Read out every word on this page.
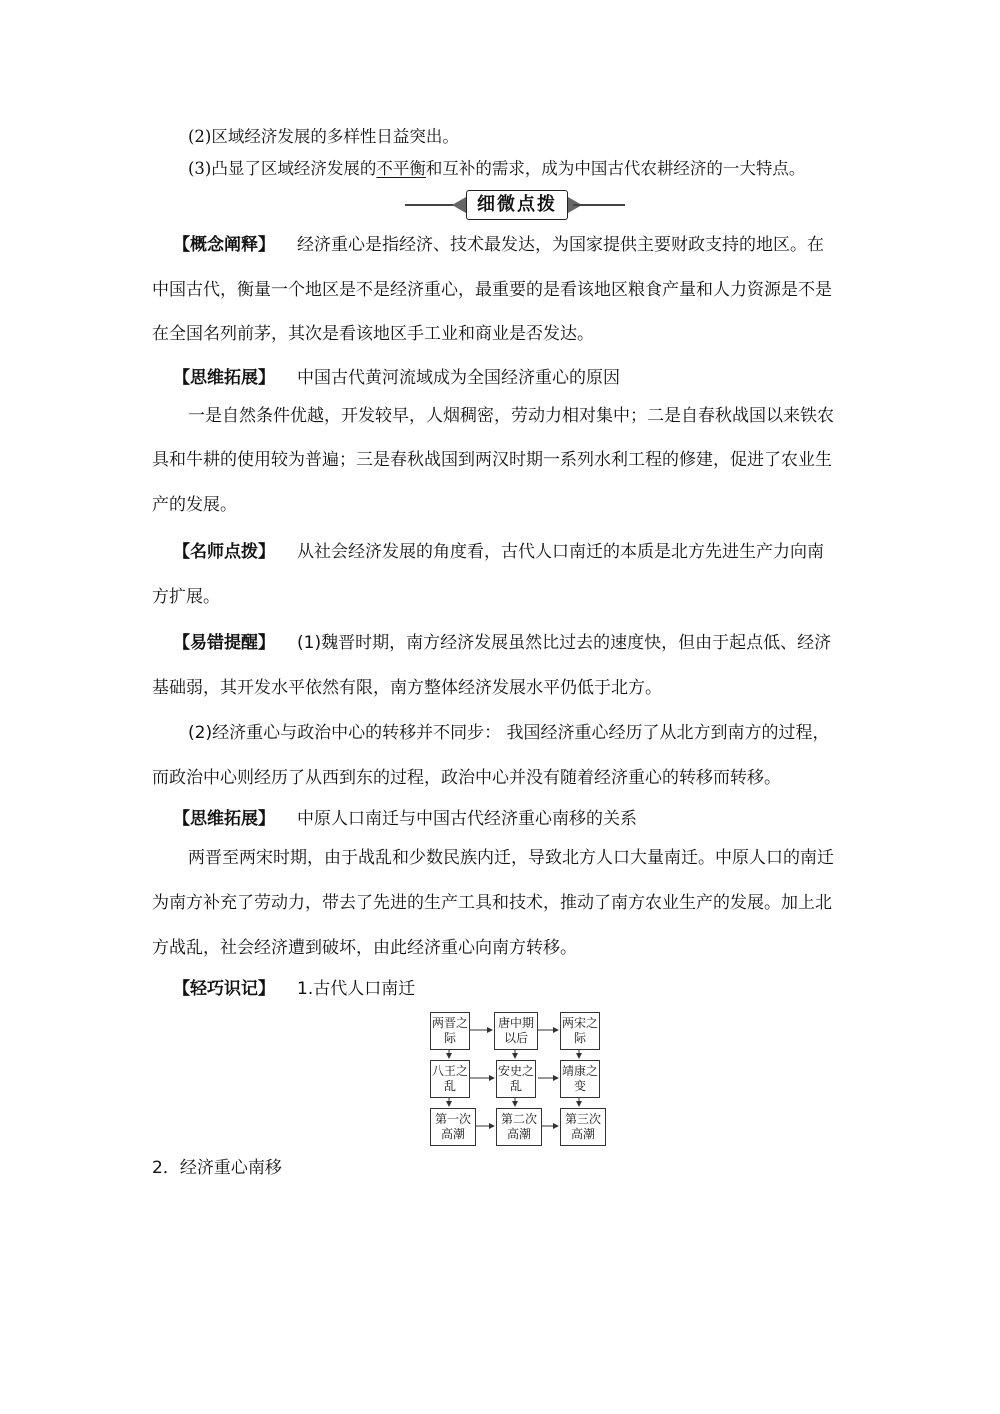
(2)区域经济发展的多样性日益突出。
(3)凸显了区域经济发展的不平衡和互补的需求，成为中国古代农耕经济的一大特点。
细微点拨
【概念阐释】 经济重心是指经济、技术最发达，为国家提供主要财政支持的地区。在
中国古代，衡量一个地区是不是经济重心，最重要的是看该地区粮食产量和人力资源是不是
在全国名列前茅，其次是看该地区手工业和商业是否发达。
【思维拓展】 中国古代黄河流域成为全国经济重心的原因
一是自然条件优越，开发较早，人烟稠密，劳动力相对集中；二是自春秋战国以来铁农
具和牛耕的使用较为普遍；三是春秋战国到两汉时期一系列水利工程的修建，促进了农业生
产的发展。
【名师点拨】 从社会经济发展的角度看，古代人口南迁的本质是北方先进生产力向南
方扩展。
【易错提醒】 (1)魏晋时期，南方经济发展虽然比过去的速度快，但由于起点低、经济
基础弱，其开发水平依然有限，南方整体经济发展水平仍低于北方。
(2)经济重心与政治中心的转移并不同步： 我国经济重心经历了从北方到南方的过程，
而政治中心则经历了从西到东的过程，政治中心并没有随着经济重心的转移而转移。
【思维拓展】 中原人口南迁与中国古代经济重心南移的关系
两晋至两宋时期，由于战乱和少数民族内迁，导致北方人口大量南迁。中原人口的南迁
为南方补充了劳动力，带去了先进的生产工具和技术，推动了南方农业生产的发展。加上北
方战乱，社会经济遭到破坏，由此经济重心向南方转移。
【轻巧识记】 1.古代人口南迁
两晋之际
唐中期以后
两宋之际
八王之乱
安史之乱
靖康之变
第一次高潮
第二次高潮
第三次高潮
2．经济重心南移
